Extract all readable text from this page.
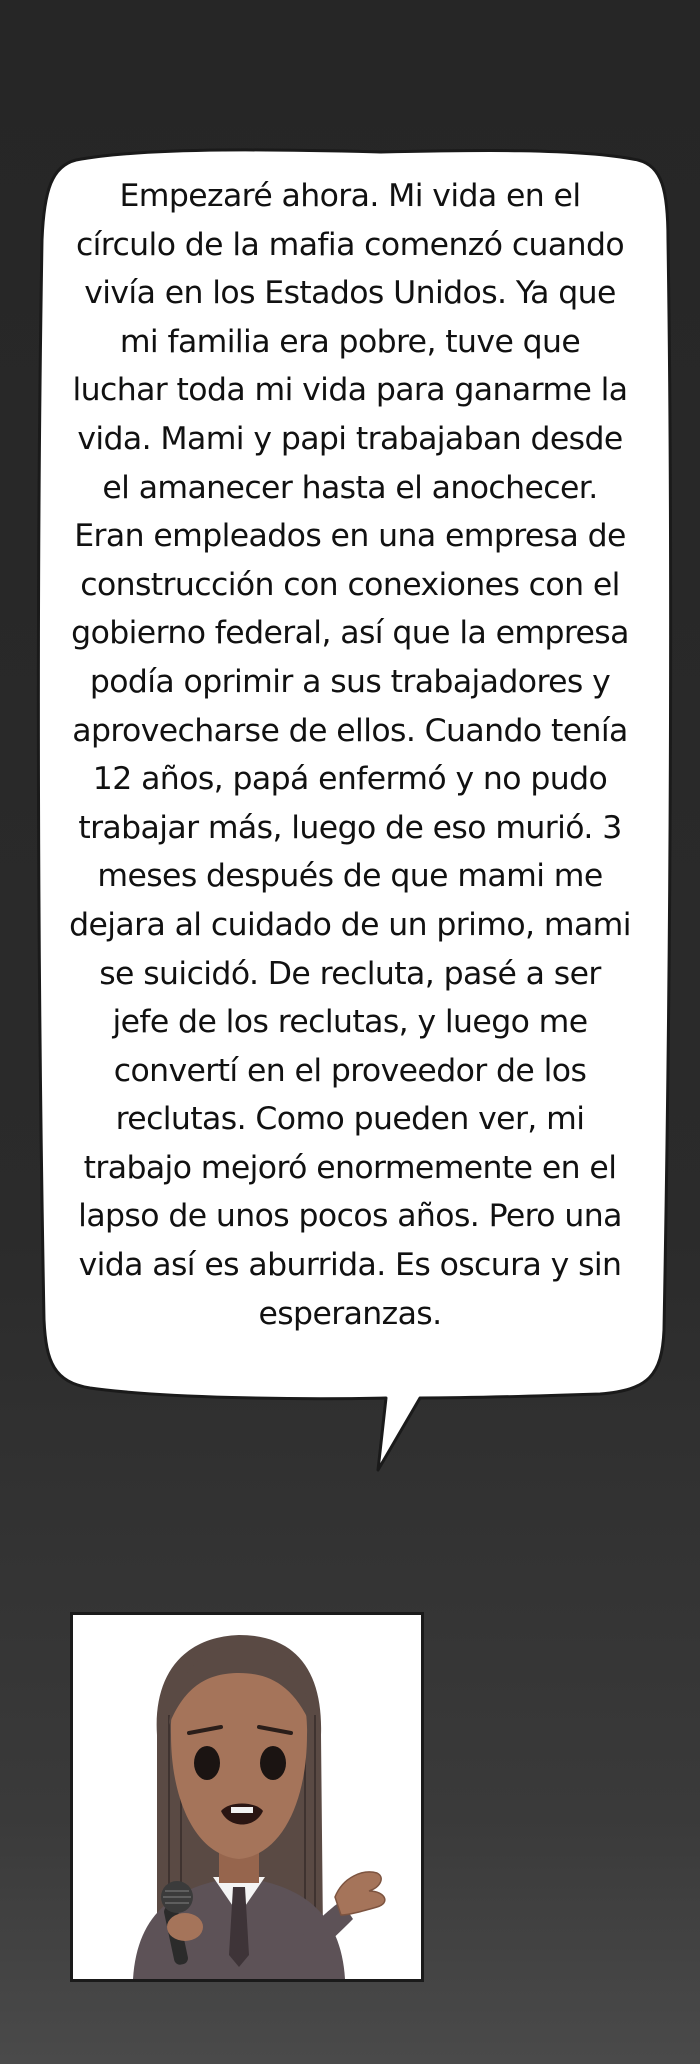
Empezaré ahora. Mi vida en el
círculo de la mafia comenzó cuando
vivía en los Estados Unidos. Ya que
mi familia era pobre, tuve que
luchar toda mi vida para ganarme la
vida. Mami y papi trabajaban desde
el amanecer hasta el anochecer.
Eran empleados en una empresa de
construcción con conexiones con el
gobierno federal, así que la empresa
podía oprimir a sus trabajadores y
aprovecharse de ellos. Cuando tenía
12 años, papá enfermó y no pudo
trabajar más, luego de eso murió. 3
meses después de que mami me
dejara al cuidado de un primo, mami
se suicidó. De recluta, pasé a ser
jefe de los reclutas, y luego me
convertí en el proveedor de los
reclutas. Como pueden ver, mi
trabajo mejoró enormemente en el
lapso de unos pocos años. Pero una
vida así es aburrida. Es oscura y sin
esperanzas.
